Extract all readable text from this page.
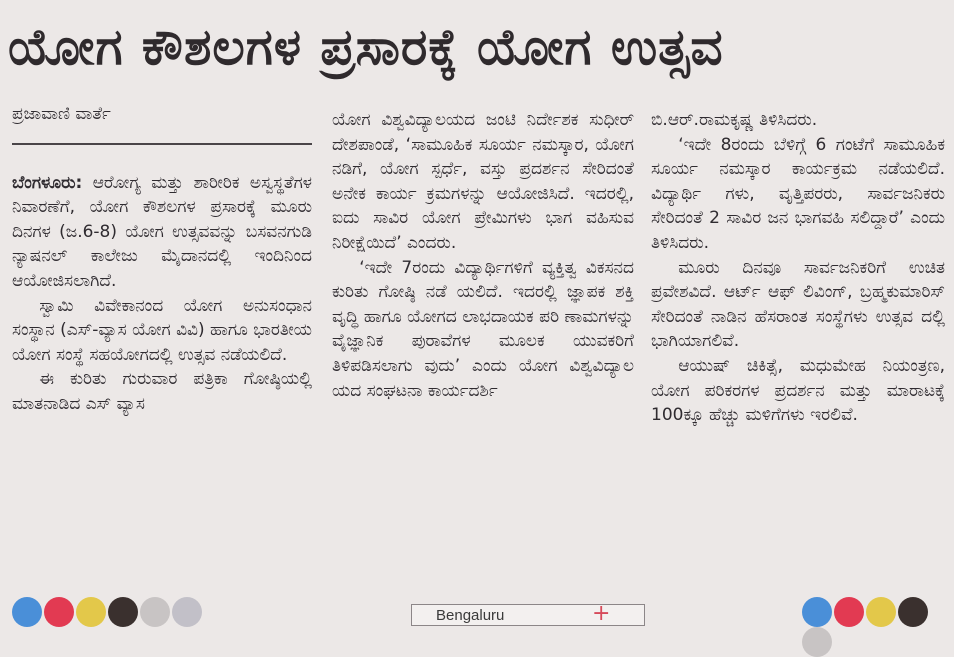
ಯೋಗ ಕೌಶಲಗಳ ಪ್ರಸಾರಕ್ಕೆ ಯೋಗ ಉತ್ಸವ
ಪ್ರಜಾವಾಣಿ ವಾರ್ತೆ

ಬೆಂಗಳೂರು: ಆರೋಗ್ಯ ಮತ್ತು ಶಾರೀರಿಕ ಅಸ್ವಸ್ಥತೆಗಳ ನಿವಾರಣೆಗೆ, ಯೋಗ ಕೌಶಲಗಳ ಪ್ರಸಾರಕ್ಕೆ ಮೂರು ದಿನಗಳ (ಜ.6-8) ಯೋಗ ಉತ್ಸವವನ್ನು ಬಸವನಗುಡಿ ನ್ಯಾಷನಲ್ ಕಾಲೇಜು ಮೈದಾನದಲ್ಲಿ ಇಂದಿನಿಂದ ಆಯೋಜಿಸಲಾಗಿದೆ.

ಸ್ವಾಮಿ ವಿವೇಕಾನಂದ ಯೋಗ ಅನುಸಂಧಾನ ಸಂಸ್ಥಾನ (ಎಸ್-ವ್ಯಾಸ ಯೋಗ ವಿವಿ) ಹಾಗೂ ಭಾರತೀಯ ಯೋಗ ಸಂಸ್ಥೆ ಸಹಯೋಗದಲ್ಲಿ ಉತ್ಸವ ನಡೆಯಲಿದೆ.

ಈ ಕುರಿತು ಗುರುವಾರ ಪತ್ರಿಕಾ ಗೋಷ್ಠಿಯಲ್ಲಿ ಮಾತನಾಡಿದ ಎಸ್ ವ್ಯಾಸ

ಯೋಗ ವಿಶ್ವವಿದ್ಯಾಲಯದ ಜಂಟಿ ನಿರ್ದೇಶಕ ಸುಧೀರ್ ದೇಶಪಾಂಡೆ, ‘ಸಾಮೂಹಿಕ ಸೂರ್ಯ ನಮಸ್ಕಾರ, ಯೋಗ ನಡಿಗೆ, ಯೋಗ ಸ್ಪರ್ಧೆ, ವಸ್ತು ಪ್ರದರ್ಶನ ಸೇರಿದಂತೆ ಅನೇಕ ಕಾರ್ಯ ಕ್ರಮಗಳನ್ನು ಆಯೋಜಿಸಿದೆ. ಇದರಲ್ಲಿ, ಐದು ಸಾವಿರ ಯೋಗ ಪ್ರೇಮಿಗಳು ಭಾಗ ವಹಿಸುವ ನಿರೀಕ್ಷೆಯಿದೆ’ ಎಂದರು.

‘ಇದೇ 7ರಂದು ವಿದ್ಯಾರ್ಥಿಗಳಿಗೆ ವ್ಯಕ್ತಿತ್ವ ವಿಕಸನದ ಕುರಿತು ಗೋಷ್ಠಿ ನಡೆ ಯಲಿದೆ. ಇದರಲ್ಲಿ ಜ್ಞಾಪಕ ಶಕ್ತಿ ವೃದ್ಧಿ ಹಾಗೂ ಯೋಗದ ಲಾಭದಾಯಕ ಪರಿ ಣಾಮಗಳನ್ನು ವೈಜ್ಞಾನಿಕ ಪುರಾವೆಗಳ ಮೂಲಕ ಯುವಕರಿಗೆ ತಿಳಿಪಡಿಸಲಾಗು ವುದು’ ಎಂದು ಯೋಗ ವಿಶ್ವವಿದ್ಯಾಲ ಯದ ಸಂಘಟನಾ ಕಾರ್ಯದರ್ಶಿ

ಬಿ.ಆರ್.ರಾಮಕೃಷ್ಣ ತಿಳಿಸಿದರು.

‘ಇದೇ 8ರಂದು ಬೆಳಿಗ್ಗೆ 6 ಗಂಟೆಗೆ ಸಾಮೂಹಿಕ ಸೂರ್ಯ ನಮಸ್ಕಾರ ಕಾರ್ಯಕ್ರಮ ನಡೆಯಲಿದೆ. ವಿದ್ಯಾರ್ಥಿ ಗಳು, ವೃತ್ತಿಪರರು, ಸಾರ್ವಜನಿಕರು ಸೇರಿದಂತೆ 2 ಸಾವಿರ ಜನ ಭಾಗವಹಿ ಸಲಿದ್ದಾರೆ’ ಎಂದು ತಿಳಿಸಿದರು.

ಮೂರು ದಿನವೂ ಸಾರ್ವಜನಿಕರಿಗೆ ಉಚಿತ ಪ್ರವೇಶವಿದೆ. ಆರ್ಟ್ ಆಫ್ ಲಿವಿಂಗ್, ಬ್ರಹ್ಮಕುಮಾರಿಸ್ ಸೇರಿದಂತೆ ನಾಡಿನ ಹೆಸರಾಂತ ಸಂಸ್ಥೆಗಳು ಉತ್ಸವ ದಲ್ಲಿ ಭಾಗಿಯಾಗಲಿವೆ.

ಆಯುಷ್ ಚಿಕಿತ್ಸೆ, ಮಧುಮೇಹ ನಿಯಂತ್ರಣ, ಯೋಗ ಪರಿಕರಗಳ ಪ್ರದರ್ಶನ ಮತ್ತು ಮಾರಾಟಕ್ಕೆ 100ಕ್ಕೂ ಹೆಚ್ಚು ಮಳಿಗೆಗಳು ಇರಲಿವೆ.

Bengaluru	+
